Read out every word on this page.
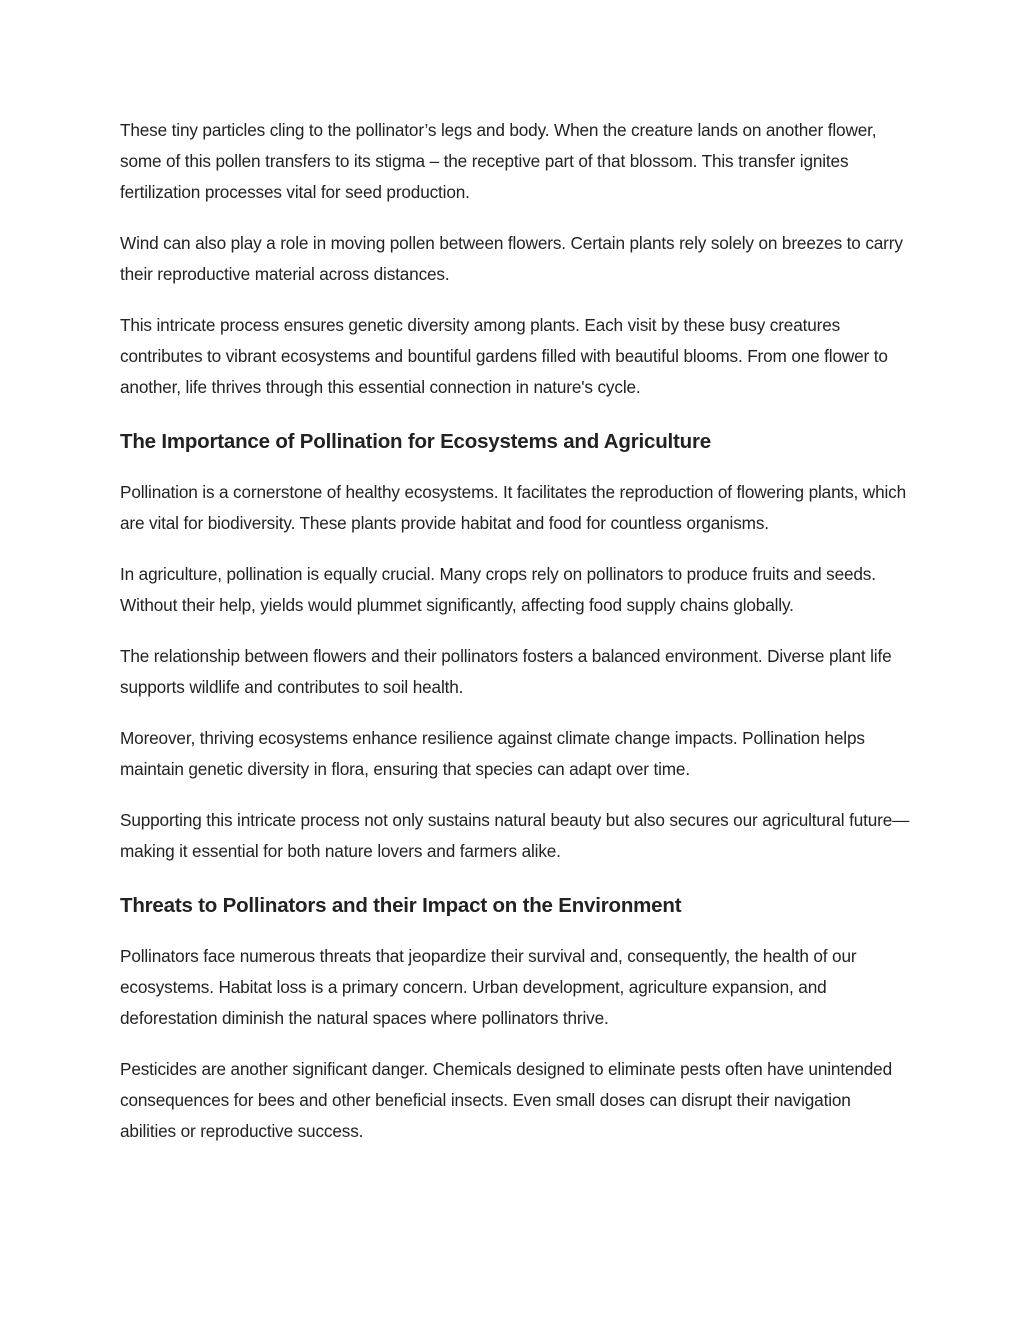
These tiny particles cling to the pollinator’s legs and body. When the creature lands on another flower, some of this pollen transfers to its stigma – the receptive part of that blossom. This transfer ignites fertilization processes vital for seed production.

Wind can also play a role in moving pollen between flowers. Certain plants rely solely on breezes to carry their reproductive material across distances.

This intricate process ensures genetic diversity among plants. Each visit by these busy creatures contributes to vibrant ecosystems and bountiful gardens filled with beautiful blooms. From one flower to another, life thrives through this essential connection in nature's cycle.

The Importance of Pollination for Ecosystems and Agriculture

Pollination is a cornerstone of healthy ecosystems. It facilitates the reproduction of flowering plants, which are vital for biodiversity. These plants provide habitat and food for countless organisms.

In agriculture, pollination is equally crucial. Many crops rely on pollinators to produce fruits and seeds. Without their help, yields would plummet significantly, affecting food supply chains globally.

The relationship between flowers and their pollinators fosters a balanced environment. Diverse plant life supports wildlife and contributes to soil health.

Moreover, thriving ecosystems enhance resilience against climate change impacts. Pollination helps maintain genetic diversity in flora, ensuring that species can adapt over time.

Supporting this intricate process not only sustains natural beauty but also secures our agricultural future—making it essential for both nature lovers and farmers alike.

Threats to Pollinators and their Impact on the Environment

Pollinators face numerous threats that jeopardize their survival and, consequently, the health of our ecosystems. Habitat loss is a primary concern. Urban development, agriculture expansion, and deforestation diminish the natural spaces where pollinators thrive.

Pesticides are another significant danger. Chemicals designed to eliminate pests often have unintended consequences for bees and other beneficial insects. Even small doses can disrupt their navigation abilities or reproductive success.
